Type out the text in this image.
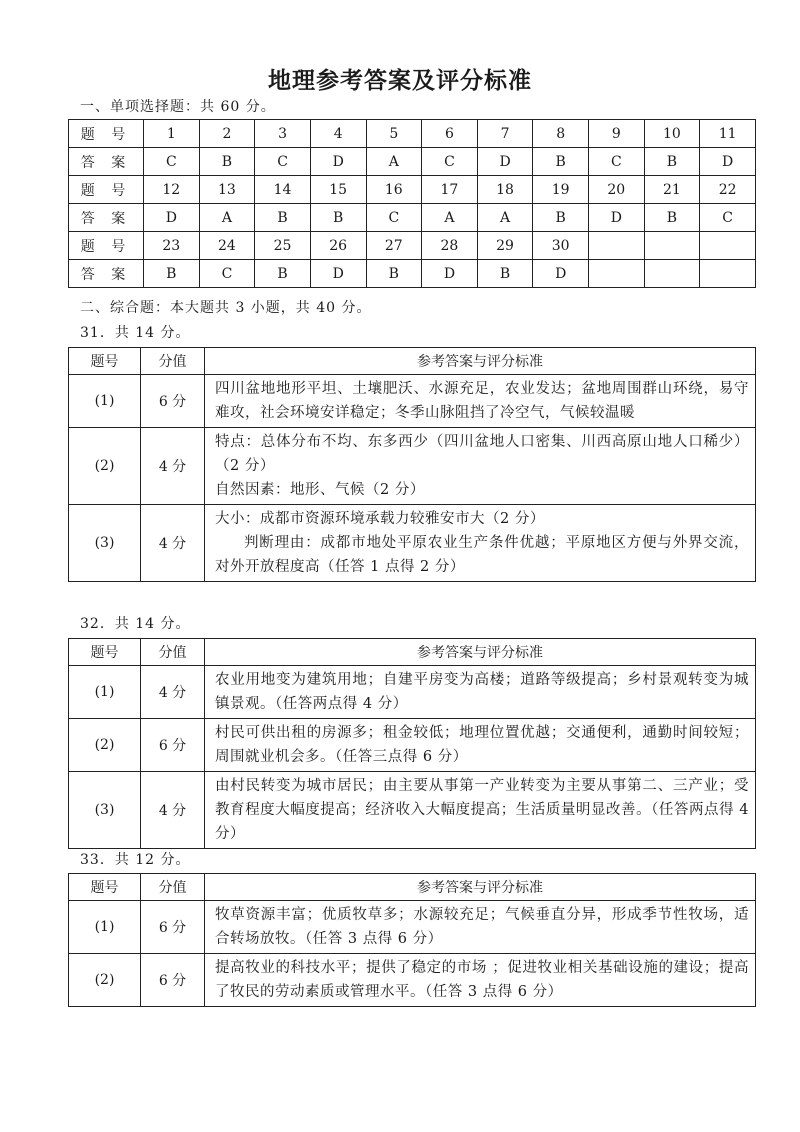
地理参考答案及评分标准
一、单项选择题：共 60 分。
题 号	1	2	3	4	5	6	7	8	9	10	11
答 案	C	B	C	D	A	C	D	B	C	B	D
题 号	12	13	14	15	16	17	18	19	20	21	22
答 案	D	A	B	B	C	A	A	B	D	B	C
题 号	23	24	25	26	27	28	29	30			
答 案	B	C	B	D	B	D	B	D			
二、综合题：本大题共 3 小题，共 40 分。
31．共 14 分。
题号	分值	参考答案与评分标准
(1)	6 分	四川盆地地形平坦、土壤肥沃、水源充足，农业发达；盆地周围群山环绕，易守难攻，社会环境安详稳定；冬季山脉阻挡了冷空气，气候较温暖

(2)	4 分	特点：总体分布不均、东多西少（四川盆地人口密集、川西高原山地人口稀少）（2 分）
自然因素：地形、气候（2 分）

(3)	4 分	大小：成都市资源环境承载力较雅安市大（2 分）
判断理由：成都市地处平原农业生产条件优越；平原地区方便与外界交流，对外开放程度高（任答 1 点得 2 分）
32．共 14 分。
题号	分值	参考答案与评分标准
(1)	4 分	农业用地变为建筑用地；自建平房变为高楼；道路等级提高；乡村景观转变为城镇景观。（任答两点得 4 分）

(2)	6 分	村民可供出租的房源多；租金较低；地理位置优越；交通便利，通勤时间较短；周围就业机会多。（任答三点得 6 分）

(3)	4 分	由村民转变为城市居民；由主要从事第一产业转变为主要从事第二、三产业；受教育程度大幅度提高；经济收入大幅度提高；生活质量明显改善。（任答两点得 4 分）
33．共 12 分。
题号	分值	参考答案与评分标准
(1)	6 分	牧草资源丰富；优质牧草多；水源较充足；气候垂直分异，形成季节性牧场，适合转场放牧。（任答 3 点得 6 分）

(2)	6 分	提高牧业的科技水平；提供了稳定的市场 ；促进牧业相关基础设施的建设；提高了牧民的劳动素质或管理水平。（任答 3 点得 6 分）
